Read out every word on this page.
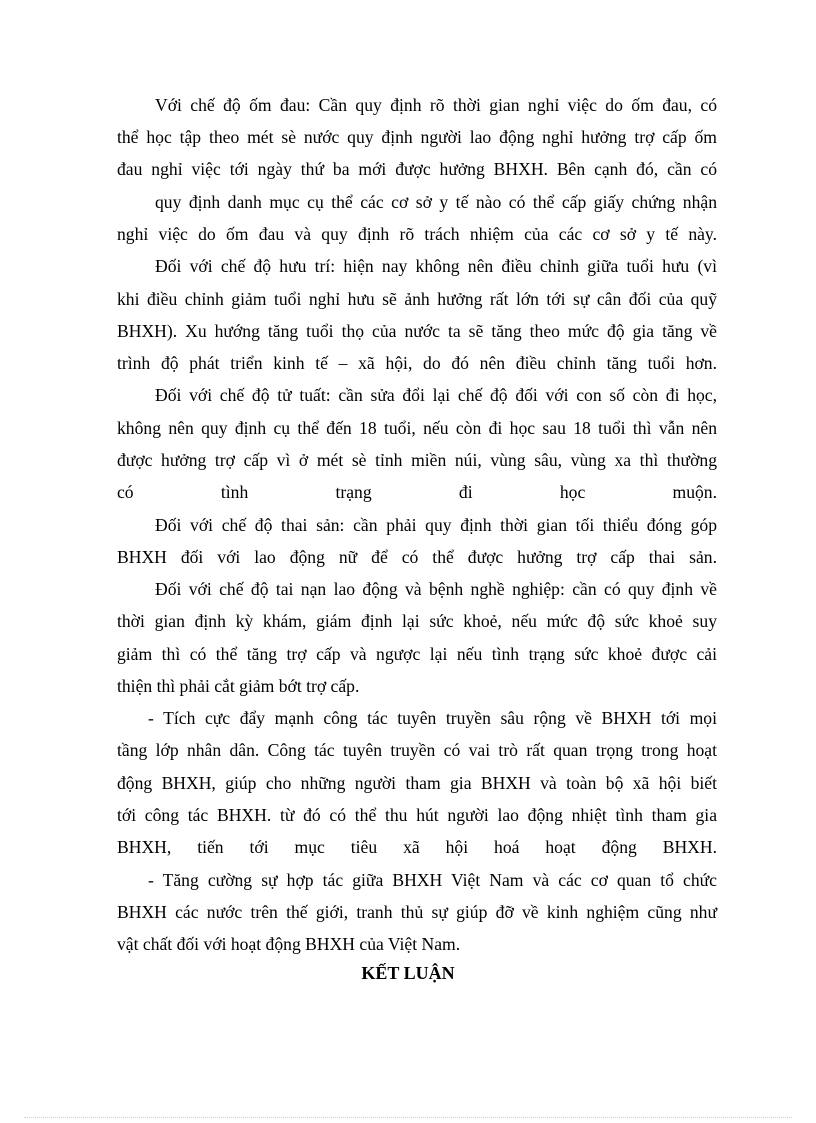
Với chế độ ốm đau: Cần quy định rõ thời gian nghỉ việc do ốm đau, có
thể học tập theo mét sè nước quy định người lao động nghỉ hưởng trợ cấp ốm
đau nghỉ việc tới ngày thứ ba mới được hưởng BHXH. Bên cạnh đó, cần có
quy định danh mục cụ thể các cơ sở y tế nào có thể cấp giấy chứng nhận
nghỉ việc do ốm đau và quy định rõ trách nhiệm của các cơ sở y tế này.
Đối với chế độ hưu trí: hiện nay không nên điều chỉnh giữa tuổi hưu (vì
khi điều chỉnh giảm tuổi nghỉ hưu sẽ ảnh hưởng rất lớn tới sự cân đối của quỹ
BHXH). Xu hướng tăng tuổi thọ của nước ta sẽ tăng theo mức độ gia tăng về
trình độ phát triển kinh tế – xã hội, do đó nên điều chỉnh tăng tuổi hơn.
Đối với chế độ tử tuất: cần sửa đổi lại chế độ đối với con số còn đi học,
không nên quy định cụ thể đến 18 tuổi, nếu còn đi học sau 18 tuổi thì vẫn nên
được hưởng trợ cấp vì ở mét sè tỉnh miền núi, vùng sâu, vùng xa thì thường
có tình trạng đi học muộn.
Đối với chế độ thai sản: cần phải quy định thời gian tối thiểu đóng góp
BHXH đối với lao động nữ để có thể được hưởng trợ cấp thai sản.
Đối với chế độ tai nạn lao động và bệnh nghề nghiệp: cần có quy định về
thời gian định kỳ khám, giám định lại sức khoẻ, nếu mức độ sức khoẻ suy
giảm thì có thể tăng trợ cấp và ngược lại nếu tình trạng sức khoẻ được cải
thiện thì phải cắt giảm bớt trợ cấp.
- Tích cực đẩy mạnh công tác tuyên truyền sâu rộng về BHXH tới mọi
tầng lớp nhân dân. Công tác tuyên truyền có vai trò rất quan trọng trong hoạt
động BHXH, giúp cho những người tham gia BHXH và toàn bộ xã hội biết
tới công tác BHXH. từ đó có thể thu hút người lao động nhiệt tình tham gia
BHXH, tiến tới mục tiêu xã hội hoá hoạt động BHXH.
- Tăng cường sự hợp tác giữa BHXH Việt Nam và các cơ quan tổ chức
BHXH các nước trên thế giới, tranh thủ sự giúp đỡ về kinh nghiệm cũng như
vật chất đối với hoạt động BHXH của Việt Nam.
KẾT LUẬN
